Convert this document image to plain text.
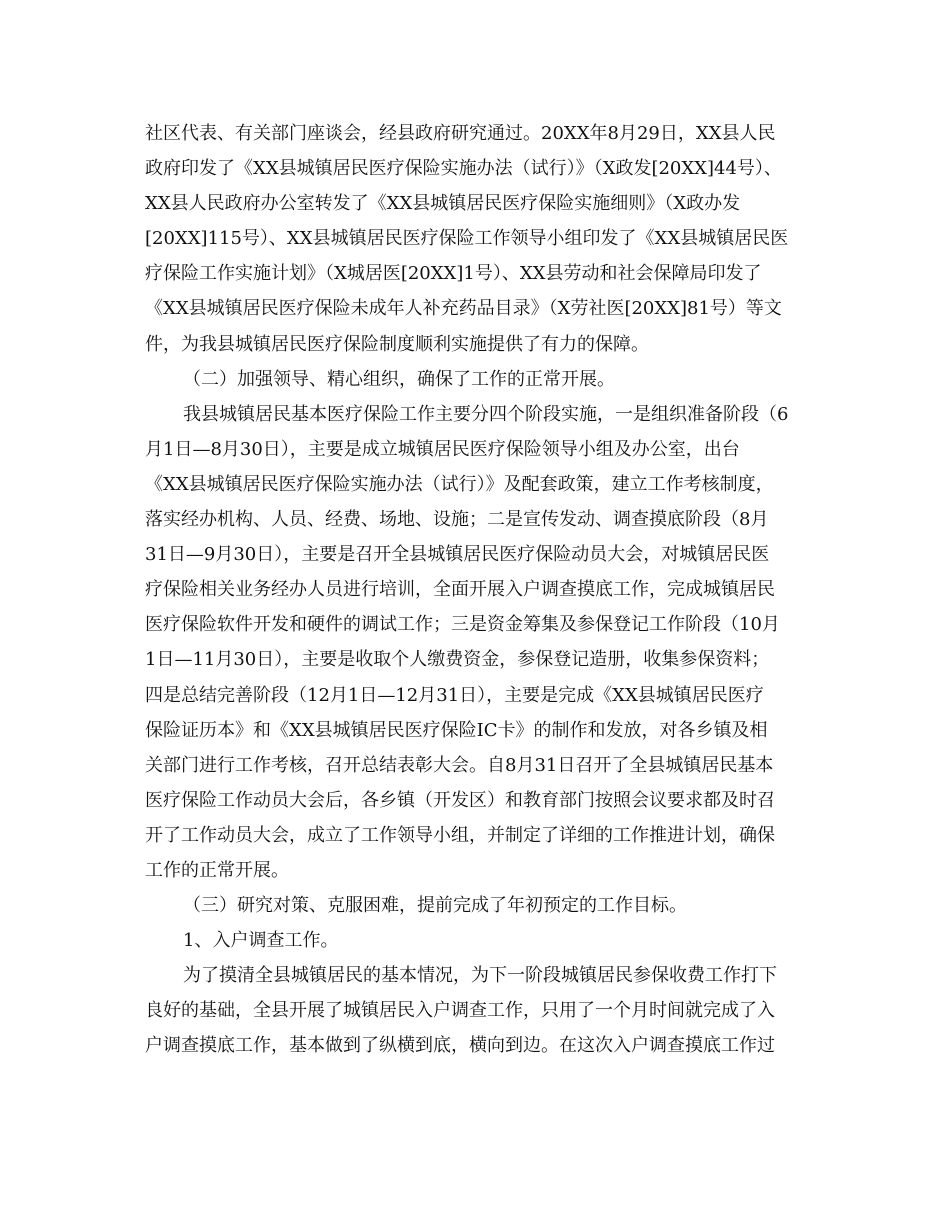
社区代表、有关部门座谈会，经县政府研究通过。20XX年8月29日，XX县人民

政府印发了《XX县城镇居民医疗保险实施办法（试行）》（X政发[20XX]44号）、

XX县人民政府办公室转发了《XX县城镇居民医疗保险实施细则》（X政办发

[20XX]115号）、XX县城镇居民医疗保险工作领导小组印发了《XX县城镇居民医

疗保险工作实施计划》（X城居医[20XX]1号）、XX县劳动和社会保障局印发了

《XX县城镇居民医疗保险未成年人补充药品目录》（X劳社医[20XX]81号）等文

件，为我县城镇居民医疗保险制度顺利实施提供了有力的保障。

（二）加强领导、精心组织，确保了工作的正常开展。

我县城镇居民基本医疗保险工作主要分四个阶段实施，一是组织准备阶段（6

月1日—8月30日），主要是成立城镇居民医疗保险领导小组及办公室，出台

《XX县城镇居民医疗保险实施办法（试行）》及配套政策，建立工作考核制度，

落实经办机构、人员、经费、场地、设施；二是宣传发动、调查摸底阶段（8月

31日—9月30日），主要是召开全县城镇居民医疗保险动员大会，对城镇居民医

疗保险相关业务经办人员进行培训，全面开展入户调查摸底工作，完成城镇居民

医疗保险软件开发和硬件的调试工作；三是资金筹集及参保登记工作阶段（10月

1日—11月30日），主要是收取个人缴费资金，参保登记造册，收集参保资料；

四是总结完善阶段（12月1日—12月31日），主要是完成《XX县城镇居民医疗

保险证历本》和《XX县城镇居民医疗保险IC卡》的制作和发放，对各乡镇及相

关部门进行工作考核，召开总结表彰大会。自8月31日召开了全县城镇居民基本

医疗保险工作动员大会后，各乡镇（开发区）和教育部门按照会议要求都及时召

开了工作动员大会，成立了工作领导小组，并制定了详细的工作推进计划，确保

工作的正常开展。

（三）研究对策、克服困难，提前完成了年初预定的工作目标。

1、入户调查工作。

为了摸清全县城镇居民的基本情况，为下一阶段城镇居民参保收费工作打下

良好的基础，全县开展了城镇居民入户调查工作，只用了一个月时间就完成了入

户调查摸底工作，基本做到了纵横到底，横向到边。在这次入户调查摸底工作过
